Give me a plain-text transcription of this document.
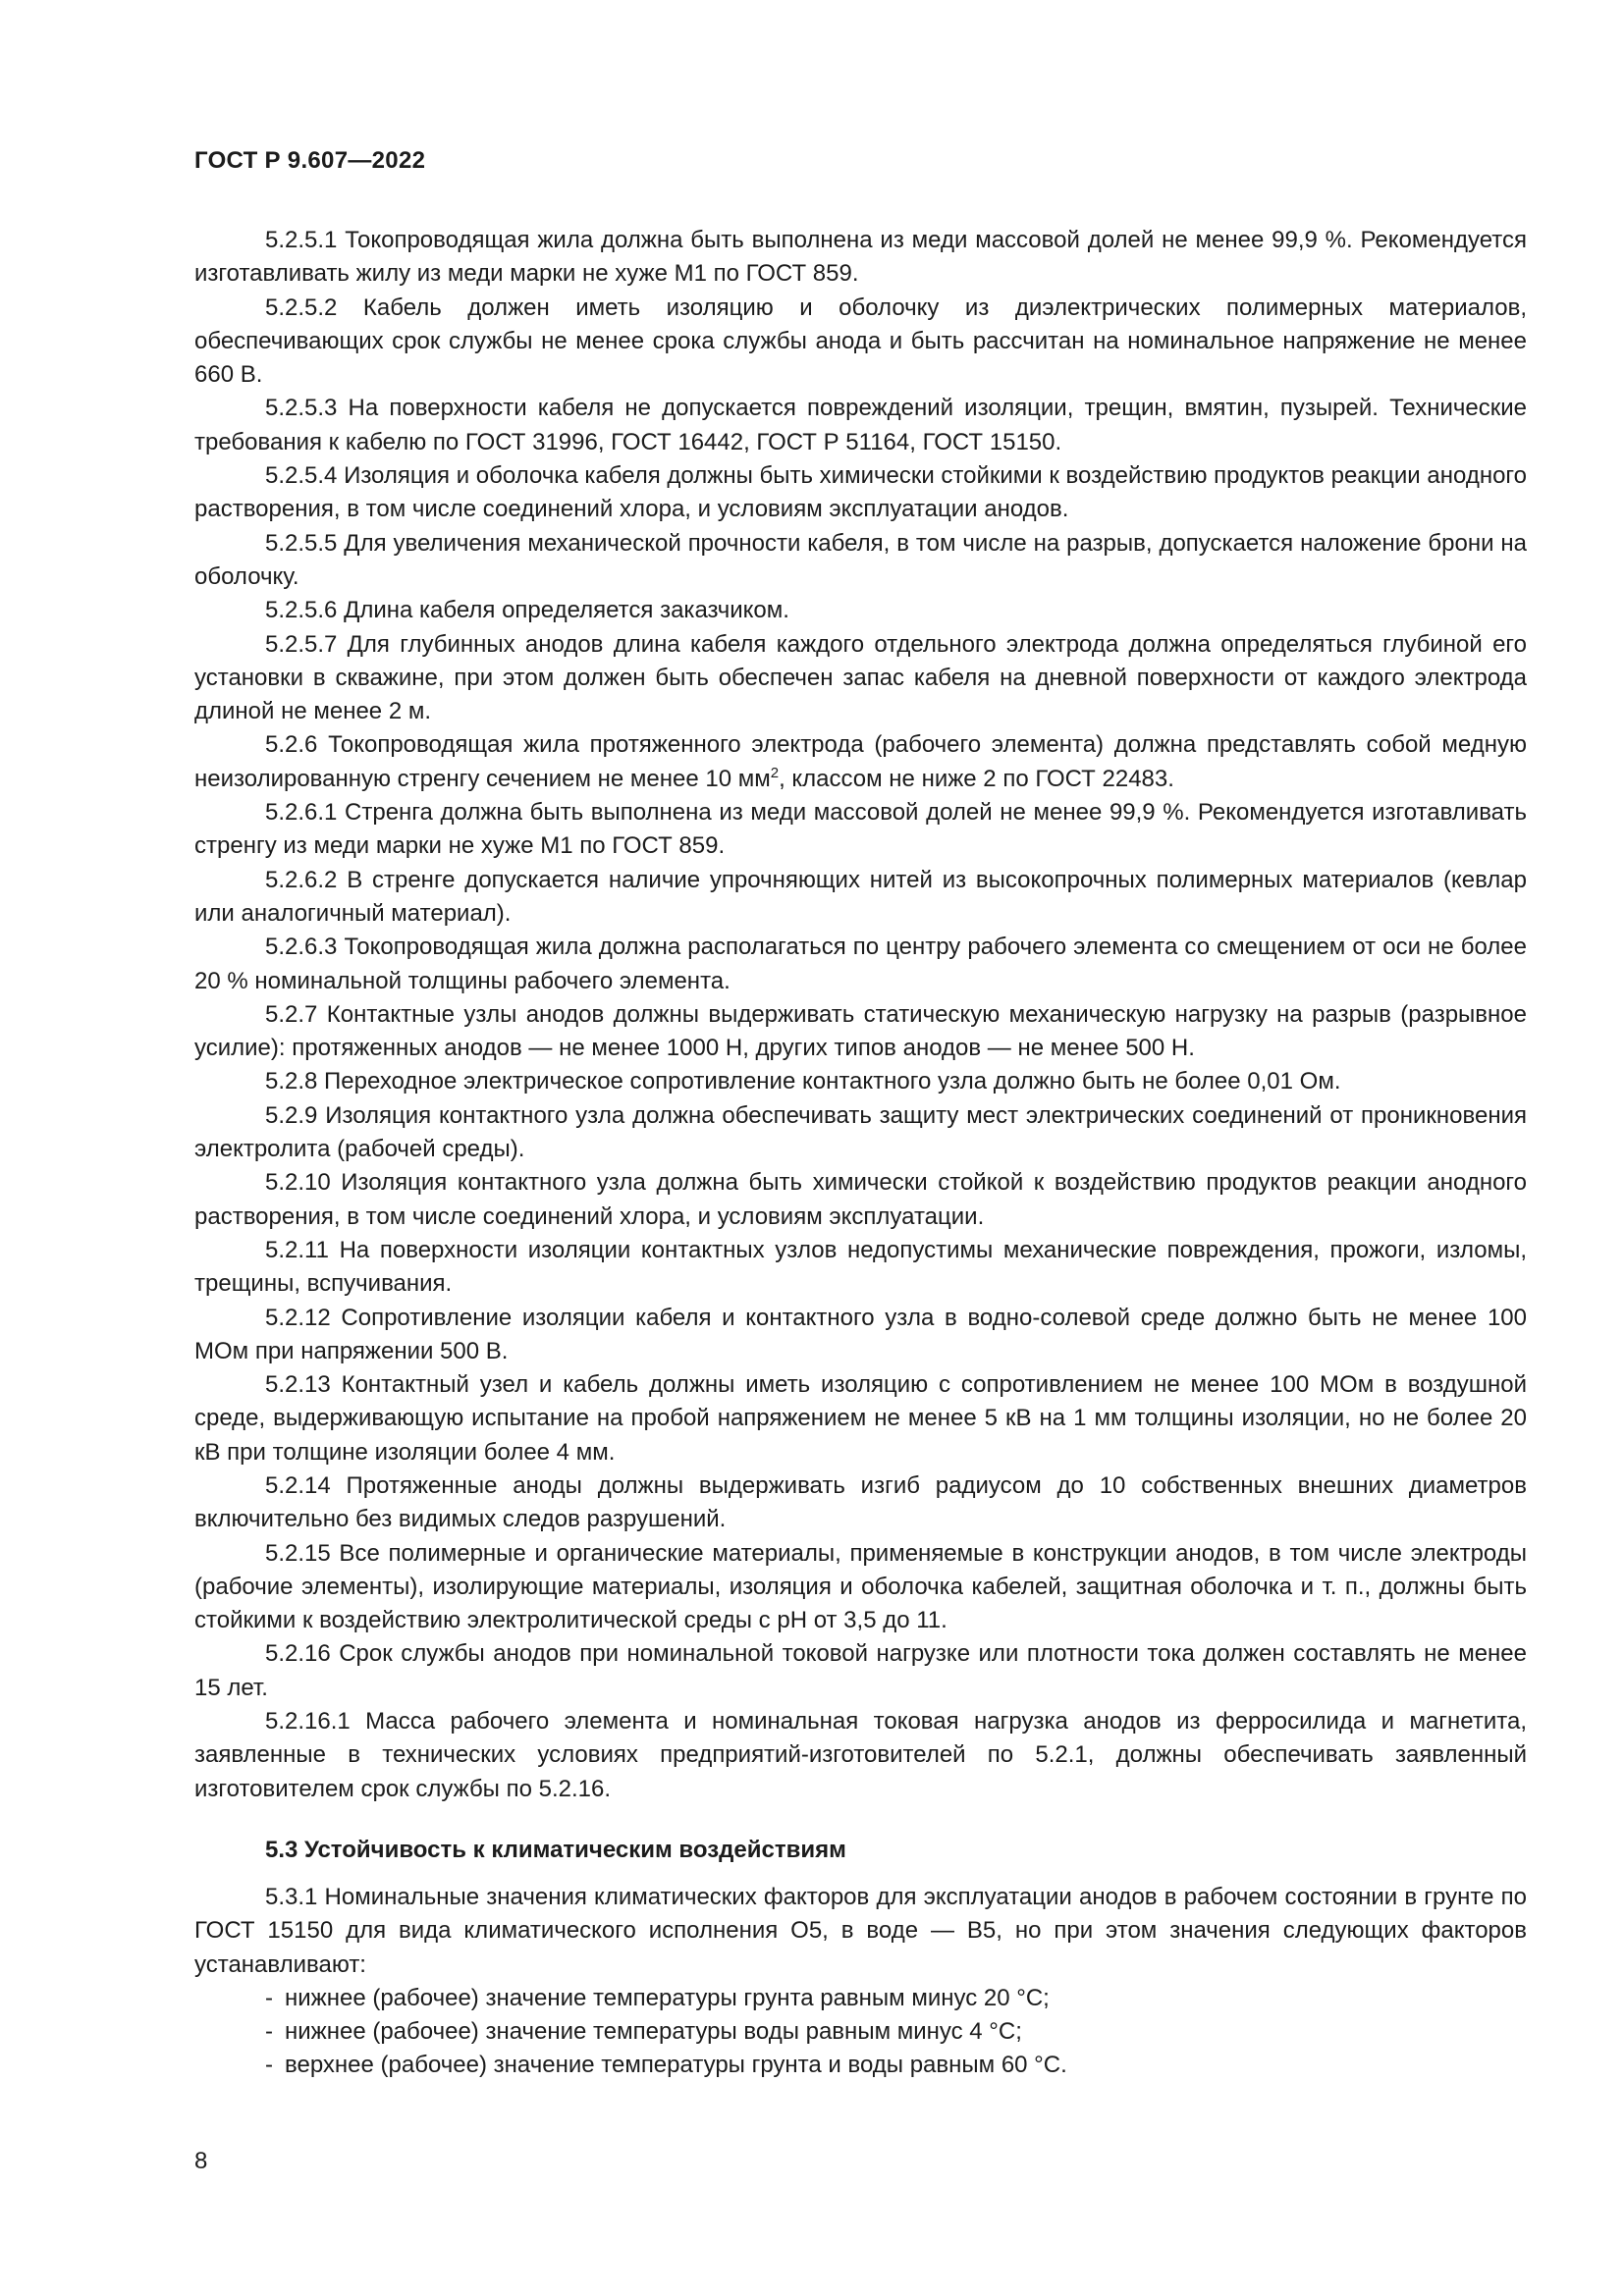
ГОСТ Р 9.607—2022

5.2.5.1 Токопроводящая жила должна быть выполнена из меди массовой долей не менее 99,9 %. Рекомендуется изготавливать жилу из меди марки не хуже М1 по ГОСТ 859.

5.2.5.2 Кабель должен иметь изоляцию и оболочку из диэлектрических полимерных материалов, обеспечивающих срок службы не менее срока службы анода и быть рассчитан на номинальное напряжение не менее 660 В.

5.2.5.3 На поверхности кабеля не допускается повреждений изоляции, трещин, вмятин, пузырей. Технические требования к кабелю по ГОСТ 31996, ГОСТ 16442, ГОСТ Р 51164, ГОСТ 15150.

5.2.5.4 Изоляция и оболочка кабеля должны быть химически стойкими к воздействию продуктов реакции анодного растворения, в том числе соединений хлора, и условиям эксплуатации анодов.

5.2.5.5 Для увеличения механической прочности кабеля, в том числе на разрыв, допускается наложение брони на оболочку.

5.2.5.6 Длина кабеля определяется заказчиком.

5.2.5.7 Для глубинных анодов длина кабеля каждого отдельного электрода должна определяться глубиной его установки в скважине, при этом должен быть обеспечен запас кабеля на дневной поверхности от каждого электрода длиной не менее 2 м.

5.2.6 Токопроводящая жила протяженного электрода (рабочего элемента) должна представлять собой медную неизолированную стренгу сечением не менее 10 $мм^2$, классом не ниже 2 по ГОСТ 22483.

5.2.6.1 Стренга должна быть выполнена из меди массовой долей не менее 99,9 %. Рекомендуется изготавливать стренгу из меди марки не хуже М1 по ГОСТ 859.

5.2.6.2 В стренге допускается наличие упрочняющих нитей из высокопрочных полимерных материалов (кевлар или аналогичный материал).

5.2.6.3 Токопроводящая жила должна располагаться по центру рабочего элемента со смещением от оси не более 20 % номинальной толщины рабочего элемента.

5.2.7 Контактные узлы анодов должны выдерживать статическую механическую нагрузку на разрыв (разрывное усилие): протяженных анодов — не менее 1000 Н, других типов анодов — не менее 500 Н.

5.2.8 Переходное электрическое сопротивление контактного узла должно быть не более 0,01 Ом.

5.2.9 Изоляция контактного узла должна обеспечивать защиту мест электрических соединений от проникновения электролита (рабочей среды).

5.2.10 Изоляция контактного узла должна быть химически стойкой к воздействию продуктов реакции анодного растворения, в том числе соединений хлора, и условиям эксплуатации.

5.2.11 На поверхности изоляции контактных узлов недопустимы механические повреждения, прожоги, изломы, трещины, вспучивания.

5.2.12 Сопротивление изоляции кабеля и контактного узла в водно-солевой среде должно быть не менее 100 МОм при напряжении 500 В.

5.2.13 Контактный узел и кабель должны иметь изоляцию с сопротивлением не менее 100 МОм в воздушной среде, выдерживающую испытание на пробой напряжением не менее 5 кВ на 1 мм толщины изоляции, но не более 20 кВ при толщине изоляции более 4 мм.

5.2.14 Протяженные аноды должны выдерживать изгиб радиусом до 10 собственных внешних диаметров включительно без видимых следов разрушений.

5.2.15 Все полимерные и органические материалы, применяемые в конструкции анодов, в том числе электроды (рабочие элементы), изолирующие материалы, изоляция и оболочка кабелей, защитная оболочка и т. п., должны быть стойкими к воздействию электролитической среды с pH от 3,5 до 11.

5.2.16 Срок службы анодов при номинальной токовой нагрузке или плотности тока должен составлять не менее 15 лет.

5.2.16.1 Масса рабочего элемента и номинальная токовая нагрузка анодов из ферросилида и магнетита, заявленные в технических условиях предприятий-изготовителей по 5.2.1, должны обеспечивать заявленный изготовителем срок службы по 5.2.16.

5.3 Устойчивость к климатическим воздействиям

5.3.1 Номинальные значения климатических факторов для эксплуатации анодов в рабочем состоянии в грунте по ГОСТ 15150 для вида климатического исполнения О5, в воде — В5, но при этом значения следующих факторов устанавливают:

- нижнее (рабочее) значение температуры грунта равным минус 20 °С;
- нижнее (рабочее) значение температуры воды равным минус 4 °С;
- верхнее (рабочее) значение температуры грунта и воды равным 60 °С.
8
